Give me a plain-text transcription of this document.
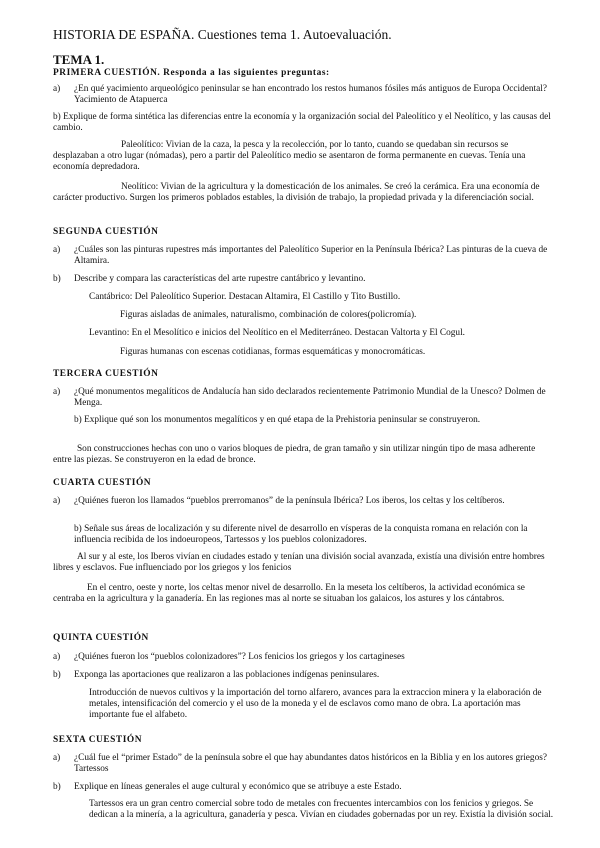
HISTORIA DE ESPAÑA. Cuestiones tema 1. Autoevaluación.
TEMA 1.
PRIMERA CUESTIÓN. Responda a las siguientes preguntas:
a) ¿En qué yacimiento arqueológico peninsular se han encontrado los restos humanos fósiles más antiguos de Europa Occidental? Yacimiento de Atapuerca
b) Explique de forma sintética las diferencias entre la economía y la organización social del Paleolítico y el Neolítico, y las causas del cambio.
Paleolítico: Vivian de la caza, la pesca y la recolección, por lo tanto, cuando se quedaban sin recursos se desplazaban a otro lugar (nómadas), pero a partir del Paleolítico medio se asentaron de forma permanente en cuevas. Tenía una economía depredadora.
Neolítico: Vivian de la agricultura y la domesticación de los animales. Se creó la cerámica. Era una economía de carácter productivo. Surgen los primeros poblados estables, la división de trabajo, la propiedad privada y la diferenciación social.
SEGUNDA CUESTIÓN
a) ¿Cuáles son las pinturas rupestres más importantes del Paleolítico Superior en la Península Ibérica? Las pinturas de la cueva de Altamira.
b) Describe y compara las características del arte rupestre cantábrico y levantino.
Cantábrico: Del Paleolítico Superior. Destacan Altamira, El Castillo y Tito Bustillo.
Figuras aisladas de animales, naturalismo, combinación de colores(policromía).
Levantino: En el Mesolítico e inicios del Neolítico en el Mediterráneo. Destacan Valtorta y El Cogul.
Figuras humanas con escenas cotidianas, formas esquemáticas y monocromáticas.
TERCERA CUESTIÓN
a) ¿Qué monumentos megalíticos de Andalucía han sido declarados recientemente Patrimonio Mundial de la Unesco? Dolmen de Menga.
b) Explique qué son los monumentos megalíticos y en qué etapa de la Prehistoria peninsular se construyeron.
Son construcciones hechas con uno o varios bloques de piedra, de gran tamaño y sin utilizar ningún tipo de masa adherente entre las piezas. Se construyeron en la edad de bronce.
CUARTA CUESTIÓN
a) ¿Quiénes fueron los llamados “pueblos prerromanos” de la península Ibérica? Los iberos, los celtas y los celtíberos.
b) Señale sus áreas de localización y su diferente nivel de desarrollo en vísperas de la conquista romana en relación con la influencia recibida de los indoeuropeos, Tartessos y los pueblos colonizadores.
Al sur y al este, los Iberos vivían en ciudades estado y tenían una división social avanzada, existía una división entre hombres libres y esclavos. Fue influenciado por los griegos y los fenicios
En el centro, oeste y norte, los celtas menor nivel de desarrollo. En la meseta los celtíberos, la actividad económica se centraba en la agricultura y la ganadería. En las regiones mas al norte se situaban los galaicos, los astures y los cántabros.
QUINTA CUESTIÓN
a) ¿Quiénes fueron los “pueblos colonizadores”? Los fenicios los griegos y los cartagineses
b) Exponga las aportaciones que realizaron a las poblaciones indígenas peninsulares.
Introducción de nuevos cultivos y la importación del torno alfarero, avances para la extraccion minera y la elaboración de metales, intensificación del comercio y el uso de la moneda y el de esclavos como mano de obra. La aportación mas importante fue el alfabeto.
SEXTA CUESTIÓN
a) ¿Cuál fue el “primer Estado” de la península sobre el que hay abundantes datos históricos en la Biblia y en los autores griegos? Tartessos
b) Explique en líneas generales el auge cultural y económico que se atribuye a este Estado.
Tartessos era un gran centro comercial sobre todo de metales con frecuentes intercambios con los fenicios y griegos. Se dedican a la minería, a la agricultura, ganadería y pesca. Vivían en ciudades gobernadas por un rey. Existía la división social.
